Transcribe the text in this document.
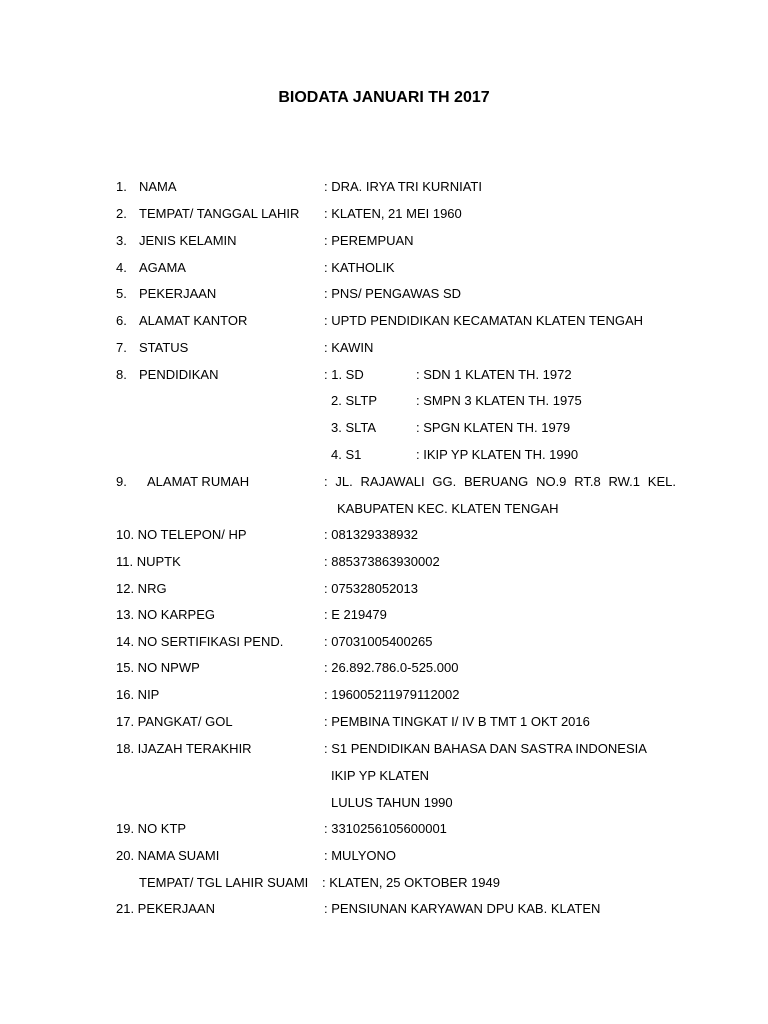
BIODATA JANUARI TH 2017
1. NAMA	: DRA. IRYA TRI KURNIATI
2. TEMPAT/ TANGGAL LAHIR : KLATEN, 21 MEI 1960
3. JENIS KELAMIN	: PEREMPUAN
4. AGAMA	: KATHOLIK
5. PEKERJAAN	: PNS/ PENGAWAS SD
6. ALAMAT KANTOR	: UPTD PENDIDIKAN KECAMATAN KLATEN TENGAH
7. STATUS	: KAWIN
8. PENDIDIKAN	: 1. SD	: SDN 1 KLATEN TH. 1972
2. SLTP	: SMPN 3 KLATEN TH. 1975
3. SLTA	: SPGN KLATEN TH. 1979
4. S1	: IKIP YP KLATEN TH. 1990
9. ALAMAT RUMAH	: JL. RAJAWALI GG. BERUANG NO.9 RT.8 RW.1 KEL.
KABUPATEN KEC. KLATEN TENGAH
10. NO TELEPON/ HP	: 081329338932
11. NUPTK	: 885373863930002
12. NRG	: 075328052013
13. NO KARPEG	: E 219479
14. NO SERTIFIKASI PEND.	: 07031005400265
15. NO NPWP	: 26.892.786.0-525.000
16. NIP	: 196005211979112002
17. PANGKAT/ GOL	: PEMBINA TINGKAT I/ IV B TMT 1 OKT 2016
18. IJAZAH TERAKHIR	: S1 PENDIDIKAN BAHASA DAN SASTRA INDONESIA
IKIP YP KLATEN
LULUS TAHUN 1990
19. NO KTP	: 3310256105600001
20. NAMA SUAMI	: MULYONO
TEMPAT/ TGL LAHIR SUAMI : KLATEN, 25 OKTOBER 1949
21. PEKERJAAN	: PENSIUNAN KARYAWAN DPU KAB. KLATEN
